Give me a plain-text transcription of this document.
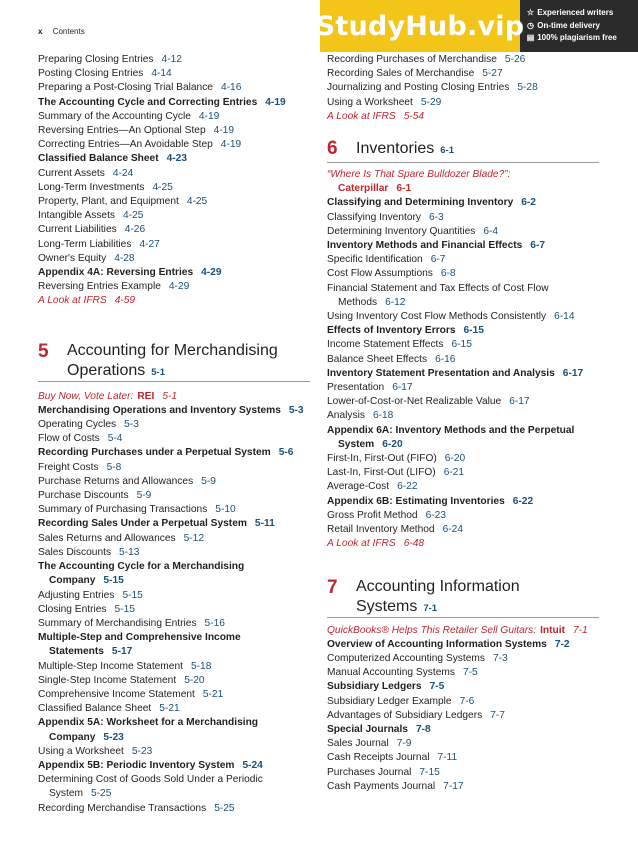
x Contents	StudyHub.vip ☆ Experienced writers
◷ On-time delivery
▤ 100% plagiarism free
Preparing Closing Entries 4-12
Posting Closing Entries 4-14
Preparing a Post-Closing Trial Balance 4-16
The Accounting Cycle and Correcting Entries 4-19
Summary of the Accounting Cycle 4-19
Reversing Entries—An Optional Step 4-19
Correcting Entries—An Avoidable Step 4-19
Classified Balance Sheet 4-23
Current Assets 4-24
Long-Term Investments 4-25
Property, Plant, and Equipment 4-25
Intangible Assets 4-25
Current Liabilities 4-26
Long-Term Liabilities 4-27
Owner's Equity 4-28
Appendix 4A: Reversing Entries 4-29
Reversing Entries Example 4-29
A Look at IFRS 4-59
5 Accounting for Merchandising
Operations 5-1
Buy Now, Vote Later: REI 5-1
Merchandising Operations and Inventory Systems 5-3
Operating Cycles 5-3
Flow of Costs 5-4
Recording Purchases under a Perpetual System 5-6
Freight Costs 5-8
Purchase Returns and Allowances 5-9
Purchase Discounts 5-9
Summary of Purchasing Transactions 5-10
Recording Sales Under a Perpetual System 5-11
Sales Returns and Allowances 5-12
Sales Discounts 5-13
The Accounting Cycle for a Merchandising
Company 5-15
Adjusting Entries 5-15
Closing Entries 5-15
Summary of Merchandising Entries 5-16
Multiple-Step and Comprehensive Income
Statements 5-17
Multiple-Step Income Statement 5-18
Single-Step Income Statement 5-20
Comprehensive Income Statement 5-21
Classified Balance Sheet 5-21
Appendix 5A: Worksheet for a Merchandising
Company 5-23
Using a Worksheet 5-23
Appendix 5B: Periodic Inventory System 5-24
Determining Cost of Goods Sold Under a Periodic
System 5-25
Recording Merchandise Transactions 5-25
Recording Purchases of Merchandise 5-26
Recording Sales of Merchandise 5-27
Journalizing and Posting Closing Entries 5-28
Using a Worksheet 5-29
A Look at IFRS 5-54
6 Inventories 6-1
“Where Is That Spare Bulldozer Blade?”:
Caterpillar 6-1
Classifying and Determining Inventory 6-2
Classifying Inventory 6-3
Determining Inventory Quantities 6-4
Inventory Methods and Financial Effects 6-7
Specific Identification 6-7
Cost Flow Assumptions 6-8
Financial Statement and Tax Effects of Cost Flow
Methods 6-12
Using Inventory Cost Flow Methods Consistently 6-14
Effects of Inventory Errors 6-15
Income Statement Effects 6-15
Balance Sheet Effects 6-16
Inventory Statement Presentation and Analysis 6-17
Presentation 6-17
Lower-of-Cost-or-Net Realizable Value 6-17
Analysis 6-18
Appendix 6A: Inventory Methods and the Perpetual
System 6-20
First-In, First-Out (FIFO) 6-20
Last-In, First-Out (LIFO) 6-21
Average-Cost 6-22
Appendix 6B: Estimating Inventories 6-22
Gross Profit Method 6-23
Retail Inventory Method 6-24
A Look at IFRS 6-48
7 Accounting Information
Systems 7-1
QuickBooks® Helps This Retailer Sell Guitars: Intuit 7-1
Overview of Accounting Information Systems 7-2
Computerized Accounting Systems 7-3
Manual Accounting Systems 7-5
Subsidiary Ledgers 7-5
Subsidiary Ledger Example 7-6
Advantages of Subsidiary Ledgers 7-7
Special Journals 7-8
Sales Journal 7-9
Cash Receipts Journal 7-11
Purchases Journal 7-15
Cash Payments Journal 7-17
